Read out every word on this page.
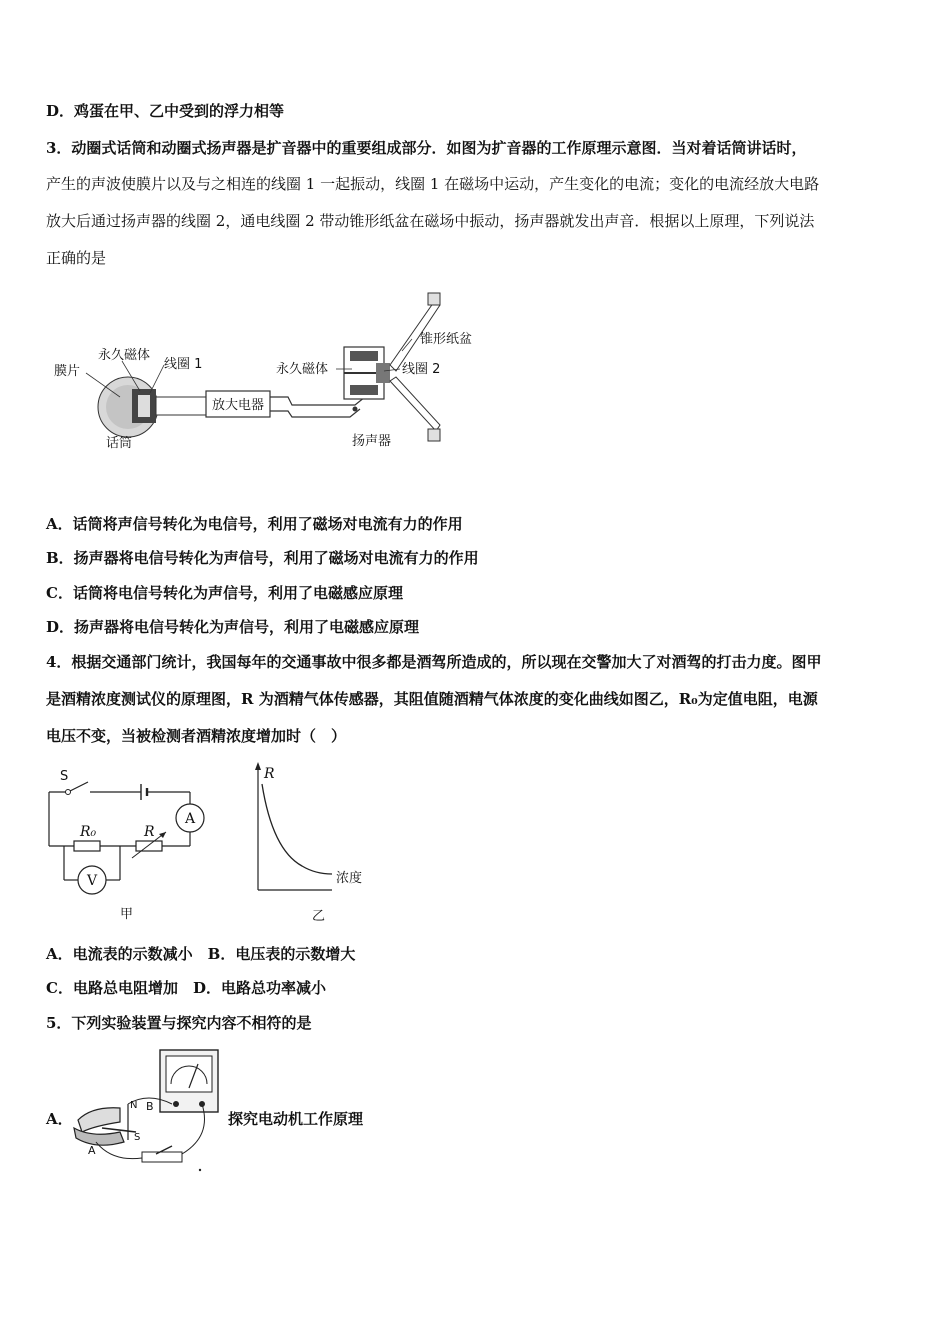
D．鸡蛋在甲、乙中受到的浮力相等
3．动圈式话筒和动圈式扬声器是扩音器中的重要组成部分．如图为扩音器的工作原理示意图．当对着话筒讲话时，
产生的声波使膜片以及与之相连的线圈 1 一起振动，线圈 1 在磁场中运动，产生变化的电流；变化的电流经放大电路
放大后通过扬声器的线圈 2，通电线圈 2 带动锥形纸盆在磁场中振动，扬声器就发出声音．根据以上原理，下列说法
正确的是
放大电器
膜片
永久磁体
线圈 1
话筒
永久磁体	线圈 2
锥形纸盆
扬声器
A．话筒将声信号转化为电信号，利用了磁场对电流有力的作用
B．扬声器将电信号转化为声信号，利用了磁场对电流有力的作用
C．话筒将电信号转化为声信号，利用了电磁感应原理
D．扬声器将电信号转化为声信号，利用了电磁感应原理
4．根据交通部门统计，我国每年的交通事故中很多都是酒驾所造成的，所以现在交警加大了对酒驾的打击力度。图甲
是酒精浓度测试仪的原理图，R 为酒精气体传感器，其阻值随酒精气体浓度的变化曲线如图乙，R₀为定值电阻，电源
电压不变，当被检测者酒精浓度增加时（　）
A
R₀	R
V
S
甲
R
浓度
乙
A．电流表的示数减小　B．电压表的示数增大
C．电路总电阻增加　D．电路总功率减小
5．下列实验装置与探究内容不相符的是
A．
N B
S
A
探究电动机工作原理
